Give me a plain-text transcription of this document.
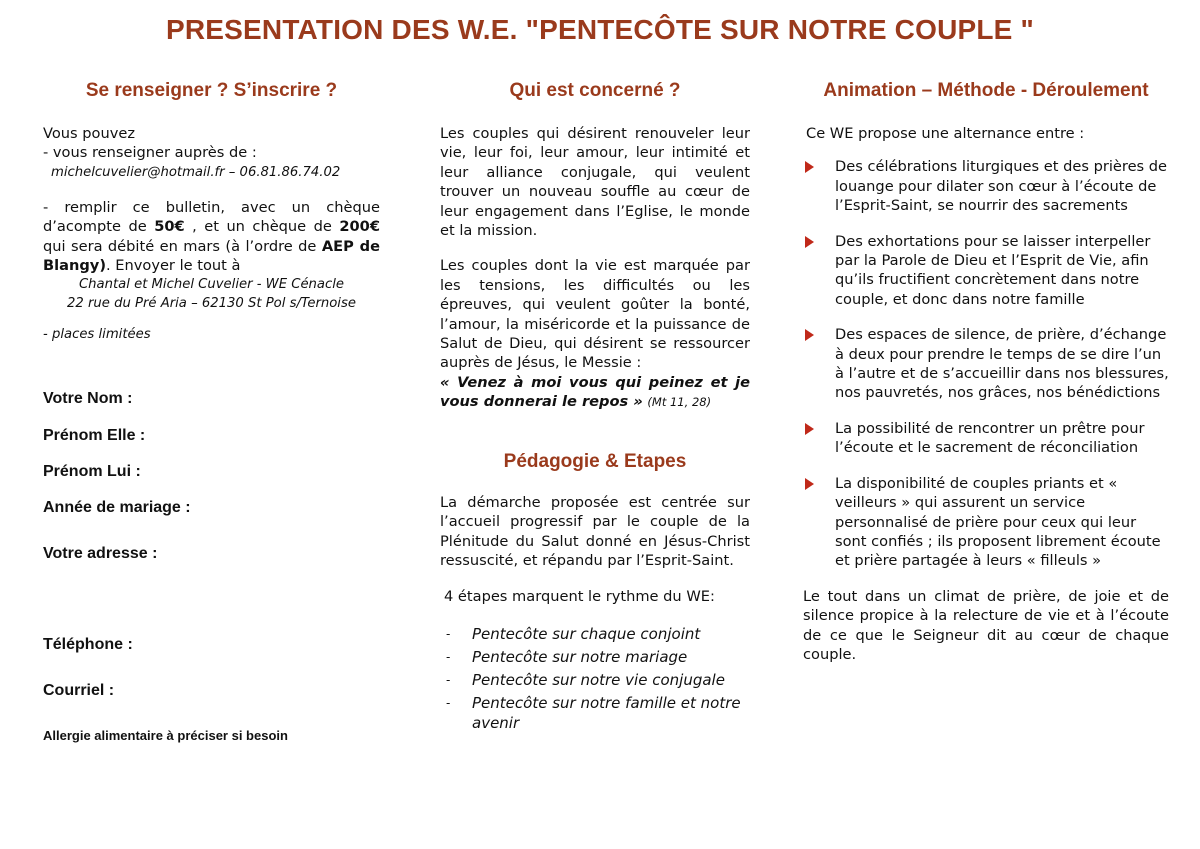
PRESENTATION DES W.E. "PENTECÔTE SUR NOTRE COUPLE "
Se renseigner ? S’inscrire ?

Vous pouvez

- vous renseigner auprès de :

michelcuvelier@hotmail.fr – 06.81.86.74.02

- remplir ce bulletin, avec un chèque d’acompte de 50€ , et un chèque de 200€ qui sera débité en mars (à l’ordre de AEP de Blangy). Envoyer le tout à

Chantal et Michel Cuvelier - WE Cénacle

22 rue du Pré Aria – 62130 St Pol s/Ternoise

- places limitées

Votre Nom :
Prénom Elle :
Prénom Lui :
Année de mariage :
Votre adresse :
Téléphone :
Courriel :
Allergie alimentaire à préciser si besoin
Qui est concerné ?

Les couples qui désirent renouveler leur vie, leur foi, leur amour, leur intimité et leur alliance conjugale, qui veulent trouver un nouveau souffle au cœur de leur engagement dans l’Eglise, le monde et la mission.

Les couples dont la vie est marquée par les tensions, les difficultés ou les épreuves, qui veulent goûter la bonté, l’amour, la miséricorde et la puissance de Salut de Dieu, qui désirent se ressourcer auprès de Jésus, le Messie :

« Venez à moi vous qui peinez et je vous donnerai le repos » (Mt 11, 28)

Pédagogie & Etapes

La démarche proposée est centrée sur l’accueil progressif par le couple de la Plénitude du Salut donné en Jésus-Christ ressuscité, et répandu par l’Esprit-Saint.

4 étapes marquent le rythme du WE:

- Pentecôte sur chaque conjoint
- Pentecôte sur notre mariage
- Pentecôte sur notre vie conjugale
- Pentecôte sur notre famille et notre avenir
Animation – Méthode - Déroulement

Ce WE propose une alternance entre :

Des célébrations liturgiques et des prières de louange pour dilater son cœur à l’écoute de l’Esprit-Saint, se nourrir des sacrements
Des exhortations pour se laisser interpeller par la Parole de Dieu et l’Esprit de Vie, afin qu’ils fructifient concrètement dans notre couple, et donc dans notre famille
Des espaces de silence, de prière, d’échange à deux pour prendre le temps de se dire l’un à l’autre et de s’accueillir dans nos blessures, nos pauvretés, nos grâces, nos bénédictions
La possibilité de rencontrer un prêtre pour l’écoute et le sacrement de réconciliation
La disponibilité de couples priants et « veilleurs » qui assurent un service personnalisé de prière pour ceux qui leur sont confiés ; ils proposent librement écoute et prière partagée à leurs « filleuls »

Le tout dans un climat de prière, de joie et de silence propice à la relecture de vie et à l’écoute de ce que le Seigneur dit au cœur de chaque couple.
